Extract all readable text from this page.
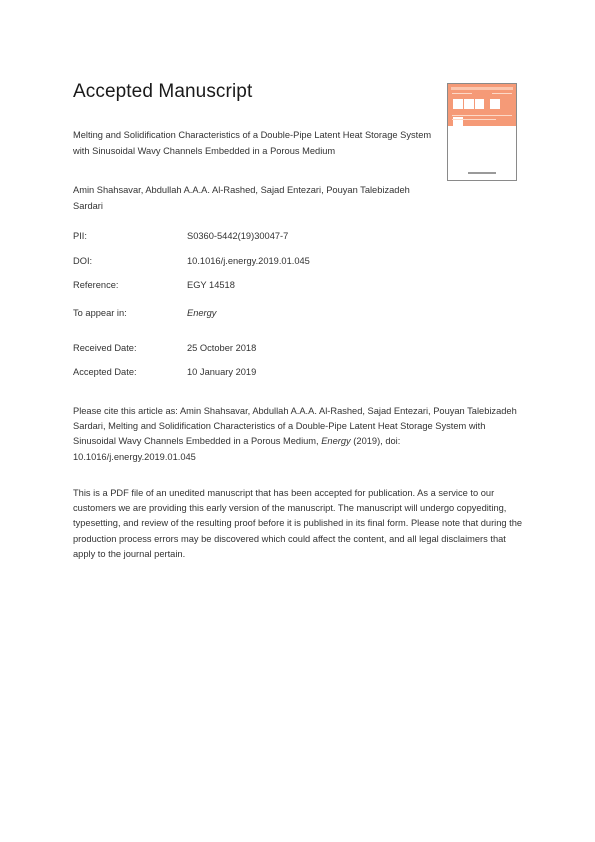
Accepted Manuscript
Melting and Solidification Characteristics of a Double-Pipe Latent Heat Storage System with Sinusoidal Wavy Channels Embedded in a Porous Medium
Amin Shahsavar, Abdullah A.A.A. Al-Rashed, Sajad Entezari, Pouyan Talebizadeh Sardari
PII:	S0360-5442(19)30047-7
DOI:	10.1016/j.energy.2019.01.045
Reference:	EGY 14518
To appear in:	Energy
Received Date:	25 October 2018
Accepted Date:	10 January 2019
Please cite this article as: Amin Shahsavar, Abdullah A.A.A. Al-Rashed, Sajad Entezari, Pouyan Talebizadeh Sardari, Melting and Solidification Characteristics of a Double-Pipe Latent Heat Storage System with Sinusoidal Wavy Channels Embedded in a Porous Medium, Energy (2019), doi: 10.1016/j.energy.2019.01.045
This is a PDF file of an unedited manuscript that has been accepted for publication. As a service to our customers we are providing this early version of the manuscript. The manuscript will undergo copyediting, typesetting, and review of the resulting proof before it is published in its final form. Please note that during the production process errors may be discovered which could affect the content, and all legal disclaimers that apply to the journal pertain.
